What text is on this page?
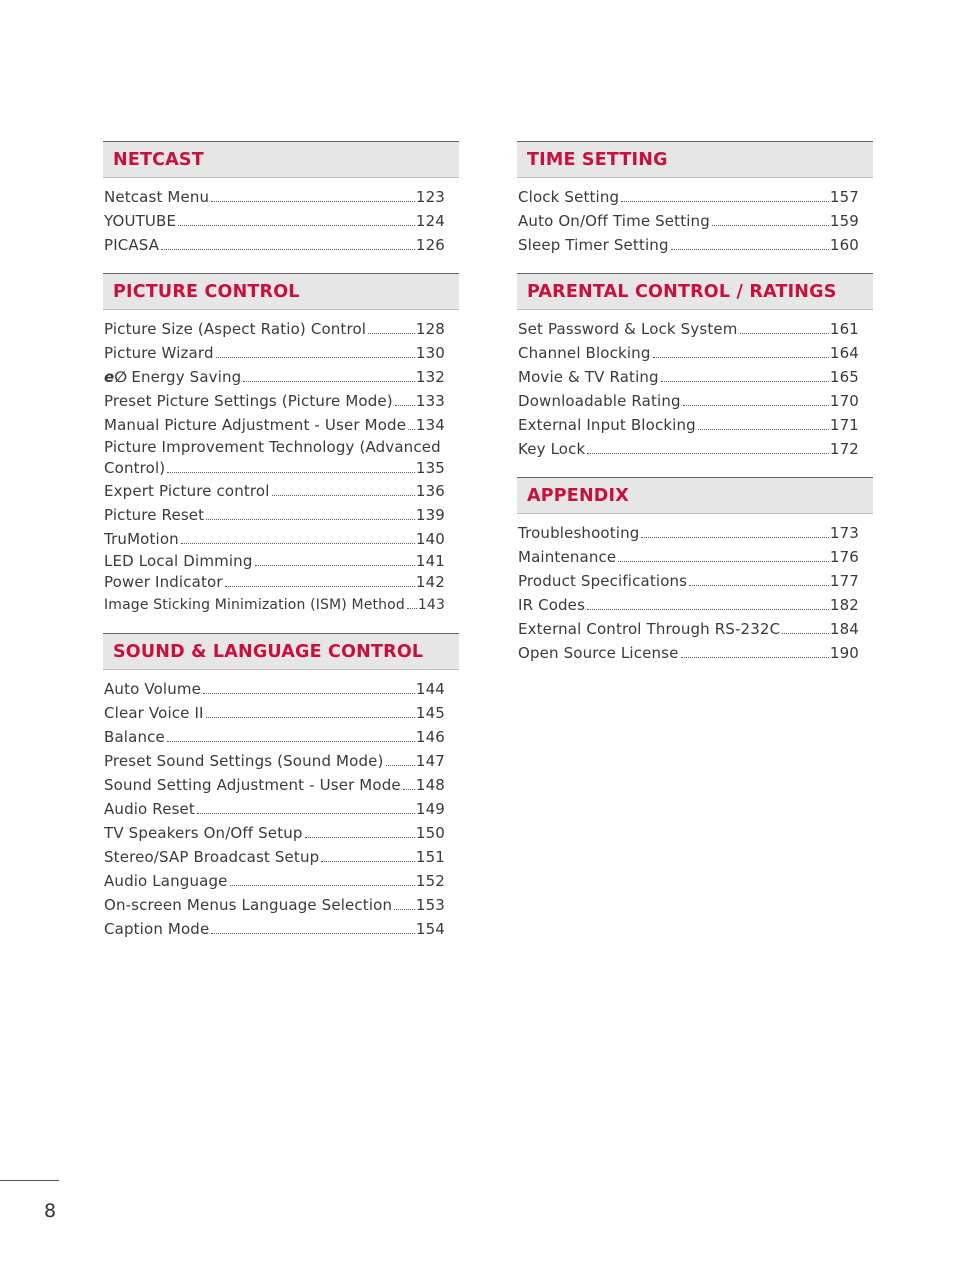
NETCAST
Netcast Menu	123
YOUTUBE	124
PICASA	126
PICTURE CONTROL
Picture Size (Aspect Ratio) Control	128
Picture Wizard	130
e∅ Energy Saving	132
Preset Picture Settings (Picture Mode) 133
Manual Picture Adjustment - User Mode 134
Picture Improvement Technology (Advanced
Control)	135
Expert Picture control	136
Picture Reset	139
TruMotion	140
LED Local Dimming	141
Power Indicator	142
Image Sticking Minimization (ISM) Method 143
SOUND & LANGUAGE CONTROL
Auto Volume	144
Clear Voice II	145
Balance	146
Preset Sound Settings (Sound Mode) 147
Sound Setting Adjustment - User Mode 148
Audio Reset	149
TV Speakers On/Off Setup	150
Stereo/SAP Broadcast Setup	151
Audio Language	152
On-screen Menus Language Selection 153
Caption Mode	154
TIME SETTING
Clock Setting	157
Auto On/Off Time Setting	159
Sleep Timer Setting	160
PARENTAL CONTROL / RATINGS
Set Password & Lock System	161
Channel Blocking	164
Movie & TV Rating	165
Downloadable Rating	170
External Input Blocking	171
Key Lock	172
APPENDIX
Troubleshooting	173
Maintenance	176
Product Specifications	177
IR Codes	182
External Control Through RS-232C	184
Open Source License	190
8
